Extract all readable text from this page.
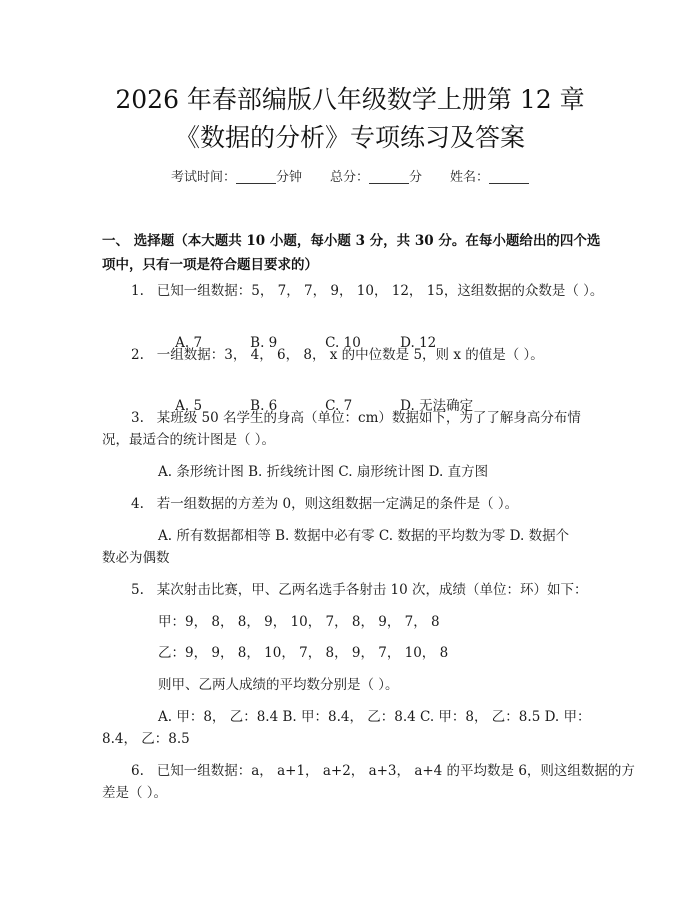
2026 年春部编版八年级数学上册第 12 章
《数据的分析》专项练习及答案
考试时间：	分钟 总分：	分 姓名：
一、 选择题（本大题共 10 小题，每小题 3 分，共 30 分。在每小题给出的四个选项中，只有一项是符合题目要求的）
1.   已知一组数据：5， 7， 7， 9， 10， 12， 15，这组数据的众数是（ ）。

A. 7	B. 9	C. 10	D. 12

2.   一组数据：3， 4， 6， 8， x 的中位数是 5，则 x 的值是（ ）。

A. 5	B. 6	C. 7	D. 无法确定

3.   某班级 50 名学生的身高（单位：cm）数据如下，为了了解身高分布情
况，最适合的统计图是（ ）。
A. 条形统计图 B. 折线统计图 C. 扇形统计图 D. 直方图
4.   若一组数据的方差为 0，则这组数据一定满足的条件是（ ）。
A. 所有数据都相等 B. 数据中必有零 C. 数据的平均数为零 D. 数据个
数必为偶数
5.   某次射击比赛，甲、乙两名选手各射击 10 次，成绩（单位：环）如下：
甲：9， 8， 8， 9， 10， 7， 8， 9， 7， 8
乙：9， 9， 8， 10， 7， 8， 9， 7， 10， 8
则甲、乙两人成绩的平均数分别是（ ）。
A. 甲：8， 乙：8.4 B. 甲：8.4， 乙：8.4 C. 甲：8， 乙：8.5 D. 甲：
8.4， 乙：8.5
6.   已知一组数据：a， a+1， a+2， a+3， a+4 的平均数是 6，则这组数据的方
差是（ ）。
